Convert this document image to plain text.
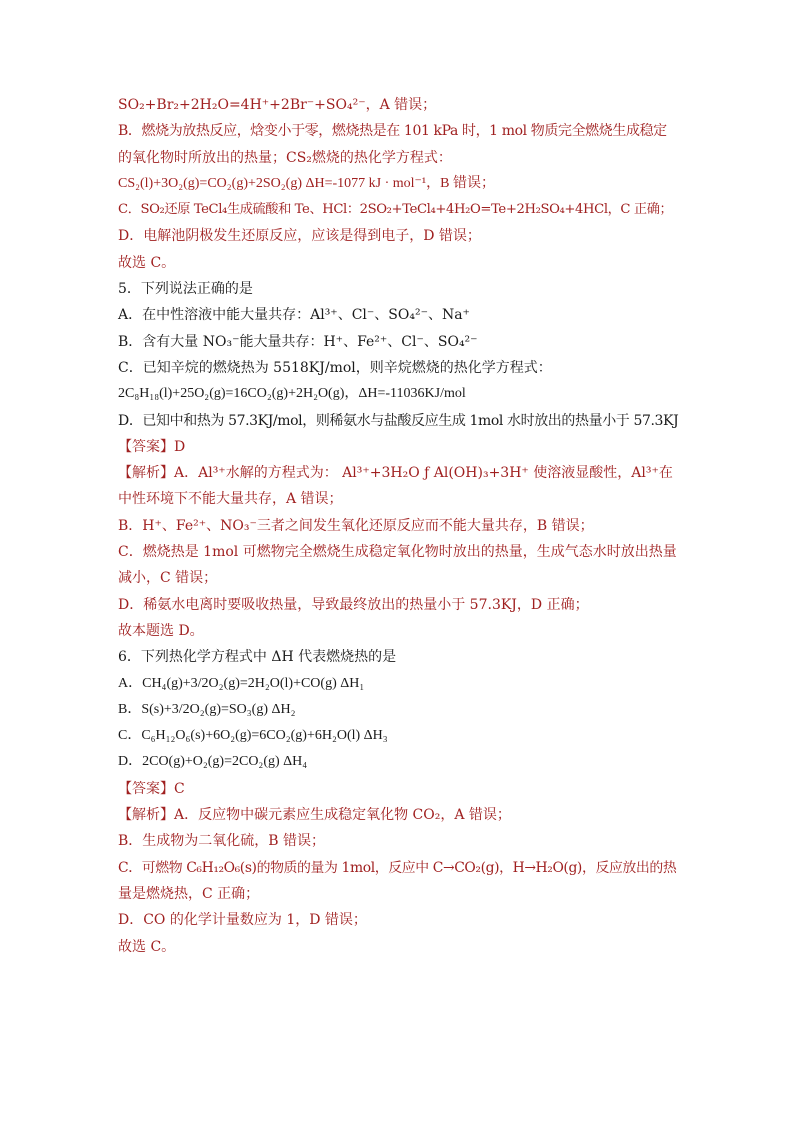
SO₂+Br₂+2H₂O=4H⁺+2Br⁻+SO₄²⁻，A 错误；
B．燃烧为放热反应，焓变小于零，燃烧热是在 101 kPa 时，1 mol 物质完全燃烧生成稳定
的氧化物时所放出的热量；CS₂燃烧的热化学方程式：
CS₂(l)+3O₂(g)=CO₂(g)+2SO₂(g) ΔH=-1077 kJ · mol⁻¹，B 错误；
C．SO₂还原 TeCl₄生成硫酸和 Te、HCl：2SO₂+TeCl₄+4H₂O=Te+2H₂SO₄+4HCl，C 正确；
D．电解池阴极发生还原反应，应该是得到电子，D 错误；
故选 C。
5．下列说法正确的是
A．在中性溶液中能大量共存：Al³⁺、Cl⁻、SO₄²⁻、Na⁺
B．含有大量 NO₃⁻能大量共存：H⁺、Fe²⁺、Cl⁻、SO₄²⁻
C．已知辛烷的燃烧热为 5518KJ/mol，则辛烷燃烧的热化学方程式：
2C₈H₁₈(l)+25O₂(g)=16CO₂(g)+2H₂O(g)，ΔH=-11036KJ/mol
D．已知中和热为 57.3KJ/mol，则稀氨水与盐酸反应生成 1mol 水时放出的热量小于 57.3KJ
【答案】D
【解析】A．Al³⁺水解的方程式为： Al³⁺+3H₂O ƒ Al(OH)₃+3H⁺ 使溶液显酸性，Al³⁺在
中性环境下不能大量共存，A 错误；
B．H⁺、Fe²⁺、NO₃⁻三者之间发生氧化还原反应而不能大量共存，B 错误；
C．燃烧热是 1mol 可燃物完全燃烧生成稳定氧化物时放出的热量，生成气态水时放出热量
减小，C 错误；
D．稀氨水电离时要吸收热量，导致最终放出的热量小于 57.3KJ，D 正确；
故本题选 D。
6．下列热化学方程式中 ΔH 代表燃烧热的是
A．CH₄(g)+3/2O₂(g)=2H₂O(l)+CO(g) ΔH₁
B．S(s)+3/2O₂(g)=SO₃(g) ΔH₂
C．C₆H₁₂O₆(s)+6O₂(g)=6CO₂(g)+6H₂O(l) ΔH₃
D．2CO(g)+O₂(g)=2CO₂(g) ΔH₄
【答案】C
【解析】A．反应物中碳元素应生成稳定氧化物 CO₂，A 错误；
B．生成物为二氧化硫，B 错误；
C．可燃物 C₆H₁₂O₆(s)的物质的量为 1mol，反应中 C→CO₂(g)，H→H₂O(g)，反应放出的热
量是燃烧热，C 正确；
D．CO 的化学计量数应为 1，D 错误；
故选 C。
